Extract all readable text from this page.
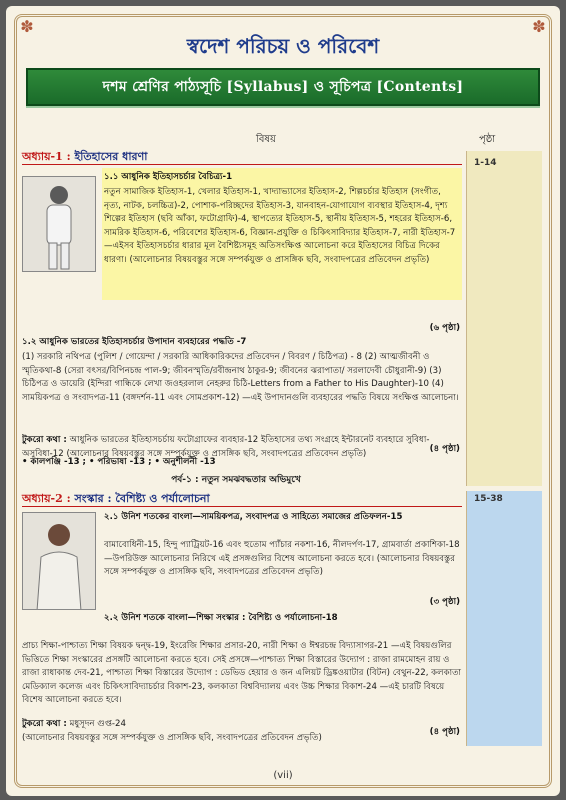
✽	✽
স্বদেশ পরিচয় ও পরিবেশ
দশম শ্রেণির পাঠ্যসূচি [Syllabus] ও সূচিপত্র [Contents]
বিষয়	পৃষ্ঠা
অধ্যায়-1 : ইতিহাসের ধারণা	1-14
১.১ আধুনিক ইতিহাসচর্চার বৈচিত্র্য-1
নতুন সামাজিক ইতিহাস-1, খেলার ইতিহাস-1, খাদ্যাভ্যাসের ইতিহাস-2, শিল্পচর্চার ইতিহাস (সংগীত, নৃত্য, নাটক, চলচ্চিত্র)-2, পোশাক-পরিচ্ছদের ইতিহাস-3, যানবাহন-যোগাযোগ ব্যবস্থার ইতিহাস-4, দৃশ্য শিল্পের ইতিহাস (ছবি আঁকা, ফটোগ্রাফি)-4, স্থাপত্যের ইতিহাস-5, স্থানীয় ইতিহাস-5, শহরের ইতিহাস-6, সামরিক ইতিহাস-6, পরিবেশের ইতিহাস-6, বিজ্ঞান-প্রযুক্তি ও চিকিৎসাবিদ্যার ইতিহাস-7, নারী ইতিহাস-7 —এইসব ইতিহাসচর্চার ধারার মূল বৈশিষ্ট্যসমূহ অতিসংক্ষিপ্ত আলোচনা করে ইতিহাসের বিচিত্র দিকের ধারণা। (আলোচনার বিষয়বস্তুর সঙ্গে সম্পর্কযুক্ত ও প্রাসঙ্গিক ছবি, সংবাদপত্রের প্রতিবেদন প্রভৃতি)
(৬ পৃষ্ঠা)
১.২ আধুনিক ভারতের ইতিহাসচর্চার উপাদান ব্যবহারের পদ্ধতি -7
(1) সরকারি নথিপত্র (পুলিশ / গোয়েন্দা / সরকারি আধিকারিকদের প্রতিবেদন / বিবরণ / চিঠিপত্র) - 8 (2) আত্মজীবনী ও স্মৃতিকথা-8 (সেরা বৎসর/বিপিনচন্দ্র পাল-9; জীবনস্মৃতি/রবীন্দ্রনাথ ঠাকুর-9; জীবনের ঝরাপাতা/ সরলাদেবী চৌধুরানী-9) (3) চিঠিপত্র ও ডায়েরি (ইন্দিরা গান্ধিকে লেখা জওহরলাল নেহরুর চিঠি-Letters from a Father to His Daughter)-10 (4) সাময়িকপত্র ও সংবাদপত্র-11 (বঙ্গদর্শন-11 এবং সোমপ্রকাশ-12) —এই উপাদানগুলি ব্যবহারের পদ্ধতি বিষয়ে সংক্ষিপ্ত আলোচনা।
টুকরো কথা : আধুনিক ভারতের ইতিহাসচর্চায় ফটোগ্রাফের ব্যবহার-12 ইতিহাসের তথ্য সংগ্রহে ইন্টারনেট ব্যবহারে সুবিধা-অসুবিধা-12 (আলোচনার বিষয়বস্তুর সঙ্গে সম্পর্কযুক্ত ও প্রাসঙ্গিক ছবি, সংবাদপত্রের প্রতিবেদন প্রভৃতি)	(৪ পৃষ্ঠা)
• কালপঞ্জি -13 ; • পরিভাষা -13 ; • অনুশীলনী -13
পর্ব-১ : নতুন সমঝবদ্ধতার অভিমুখে
অধ্যায়-2 : সংস্কার : বৈশিষ্ট্য ও পর্যালোচনা	15-38
২.১ উনিশ শতকের বাংলা—সাময়িকপত্র, সংবাদপত্র ও সাহিত্যে সমাজের প্রতিফলন-15
বামাবোধিনী-15, হিন্দু প্যাট্রিয়ট-16 এবং হুতোম প্যাঁচার নকশা-16, নীলদর্পণ-17, গ্রামবার্তা প্রকাশিকা-18 —উপরিউক্ত আলোচনার নিরিখে এই প্রসঙ্গগুলির বিশেষ আলোচনা করতে হবে। (আলোচনার বিষয়বস্তুর সঙ্গে সম্পর্কযুক্ত ও প্রাসঙ্গিক ছবি, সংবাদপত্রের প্রতিবেদন প্রভৃতি)
(৩ পৃষ্ঠা)
২.২ উনিশ শতকে বাংলা—শিক্ষা সংস্কার : বৈশিষ্ট্য ও পর্যালোচনা-18
প্রাচ্য শিক্ষা-পাশ্চাত্য শিক্ষা বিষয়ক দ্বন্দ্ব-19, ইংরেজি শিক্ষার প্রসার-20, নারী শিক্ষা ও ঈশ্বরচন্দ্র বিদ্যাসাগর-21 —এই বিষয়গুলির ভিত্তিতে শিক্ষা সংস্কারের প্রসঙ্গটি আলোচনা করতে হবে। সেই প্রসঙ্গে—পাশ্চাত্য শিক্ষা বিস্তারের উদ্যোগ : রাজা রামমোহন রায় ও রাজা রাধাকান্ত দেব-21, পাশ্চাত্য শিক্ষা বিস্তারের উদ্যোগ : ডেভিড হেয়ার ও জন এলিয়ট ড্রিঙ্কওয়াটার (বিটন) বেথুন-22, কলকাতা মেডিক্যাল কলেজ এবং চিকিৎসাবিদ্যাচর্চার বিকাশ-23, কলকাতা বিশ্ববিদ্যালয় এবং উচ্চ শিক্ষার বিকাশ-24 —এই চারটি বিষয়ে বিশেষ আলোচনা করতে হবে।
টুকরো কথা : মধুসূদন গুপ্ত-24
(আলোচনার বিষয়বস্তুর সঙ্গে সম্পর্কযুক্ত ও প্রাসঙ্গিক ছবি, সংবাদপত্রের প্রতিবেদন প্রভৃতি)
(৪ পৃষ্ঠা)
(vii)
